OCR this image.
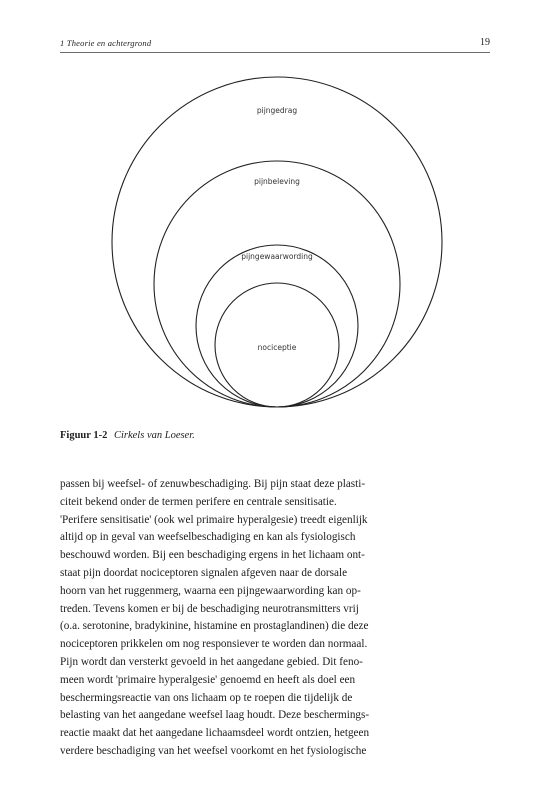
1 Theorie en achtergrond	19
pijngedrag
pijnbeleving
pijngewaarwording
nociceptie
Figuur 1-2 Cirkels van Loeser.
passen bij weefsel- of zenuwbeschadiging. Bij pijn staat deze plasti-
citeit bekend onder de termen perifere en centrale sensitisatie.
'Perifere sensitisatie' (ook wel primaire hyperalgesie) treedt eigenlijk
altijd op in geval van weefselbeschadiging en kan als fysiologisch
beschouwd worden. Bij een beschadiging ergens in het lichaam ont-
staat pijn doordat nociceptoren signalen afgeven naar de dorsale
hoorn van het ruggenmerg, waarna een pijngewaarwording kan op-
treden. Tevens komen er bij de beschadiging neurotransmitters vrij
(o.a. serotonine, bradykinine, histamine en prostaglandinen) die deze
nociceptoren prikkelen om nog responsiever te worden dan normaal.
Pijn wordt dan versterkt gevoeld in het aangedane gebied. Dit feno-
meen wordt 'primaire hyperalgesie' genoemd en heeft als doel een
beschermingsreactie van ons lichaam op te roepen die tijdelijk de
belasting van het aangedane weefsel laag houdt. Deze beschermings-
reactie maakt dat het aangedane lichaamsdeel wordt ontzien, hetgeen
verdere beschadiging van het weefsel voorkomt en het fysiologische
